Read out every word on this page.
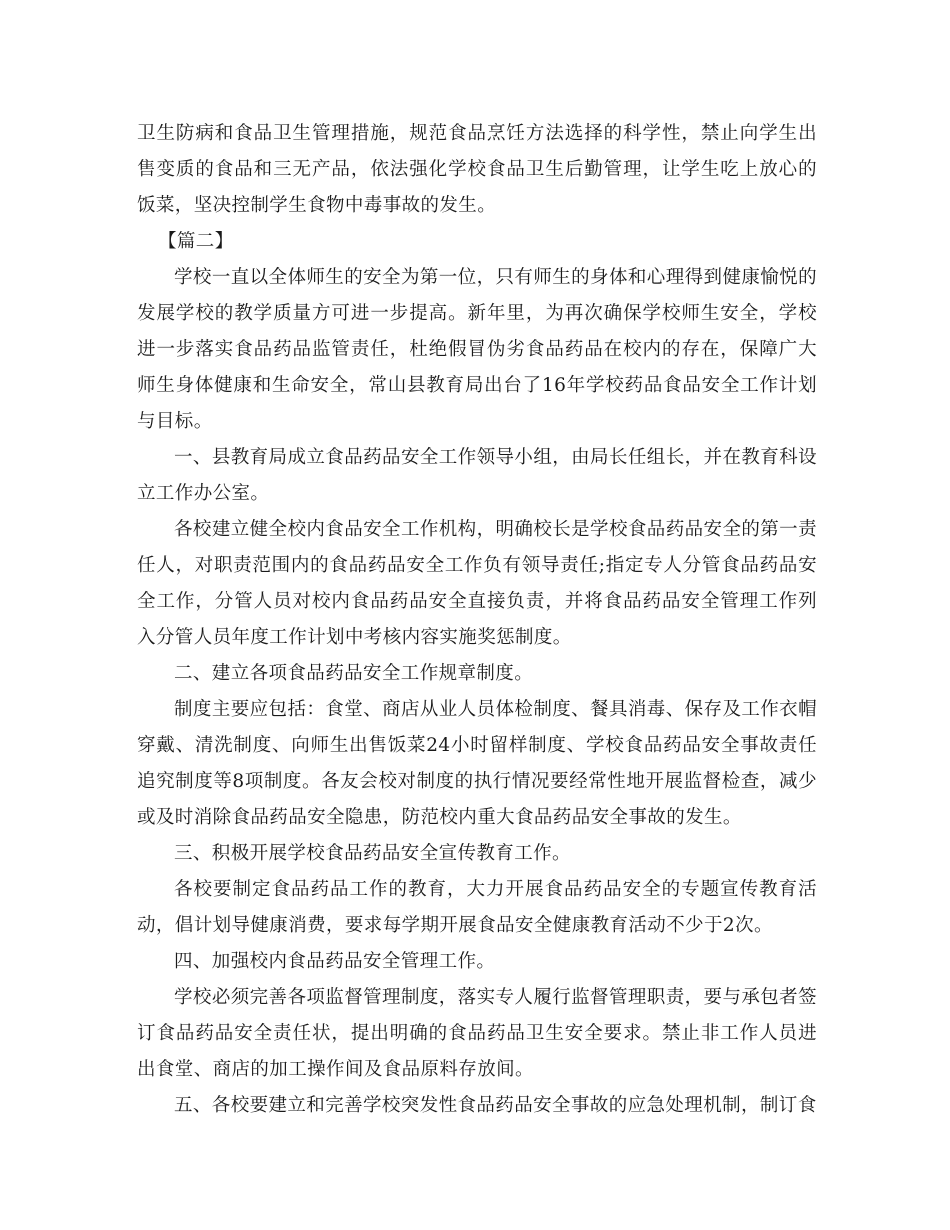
卫生防病和食品卫生管理措施，规范食品烹饪方法选择的科学性，禁止向学生出售变质的食品和三无产品，依法强化学校食品卫生后勤管理，让学生吃上放心的饭菜，坚决控制学生食物中毒事故的发生。

【篇二】

学校一直以全体师生的安全为第一位，只有师生的身体和心理得到健康愉悦的发展学校的教学质量方可进一步提高。新年里，为再次确保学校师生安全，学校进一步落实食品药品监管责任，杜绝假冒伪劣食品药品在校内的存在，保障广大师生身体健康和生命安全，常山县教育局出台了16年学校药品食品安全工作计划与目标。

一、县教育局成立食品药品安全工作领导小组，由局长任组长，并在教育科设立工作办公室。

各校建立健全校内食品安全工作机构，明确校长是学校食品药品安全的第一责任人，对职责范围内的食品药品安全工作负有领导责任;指定专人分管食品药品安全工作，分管人员对校内食品药品安全直接负责，并将食品药品安全管理工作列入分管人员年度工作计划中考核内容实施奖惩制度。

二、建立各项食品药品安全工作规章制度。

制度主要应包括：食堂、商店从业人员体检制度、餐具消毒、保存及工作衣帽穿戴、清洗制度、向师生出售饭菜24小时留样制度、学校食品药品安全事故责任追究制度等8项制度。各友会校对制度的执行情况要经常性地开展监督检查，减少或及时消除食品药品安全隐患，防范校内重大食品药品安全事故的发生。

三、积极开展学校食品药品安全宣传教育工作。

各校要制定食品药品工作的教育，大力开展食品药品安全的专题宣传教育活动，倡计划导健康消费，要求每学期开展食品安全健康教育活动不少于2次。

四、加强校内食品药品安全管理工作。

学校必须完善各项监督管理制度，落实专人履行监督管理职责，要与承包者签订食品药品安全责任状，提出明确的食品药品卫生安全要求。禁止非工作人员进出食堂、商店的加工操作间及食品原料存放间。

五、各校要建立和完善学校突发性食品药品安全事故的应急处理机制，制订食
